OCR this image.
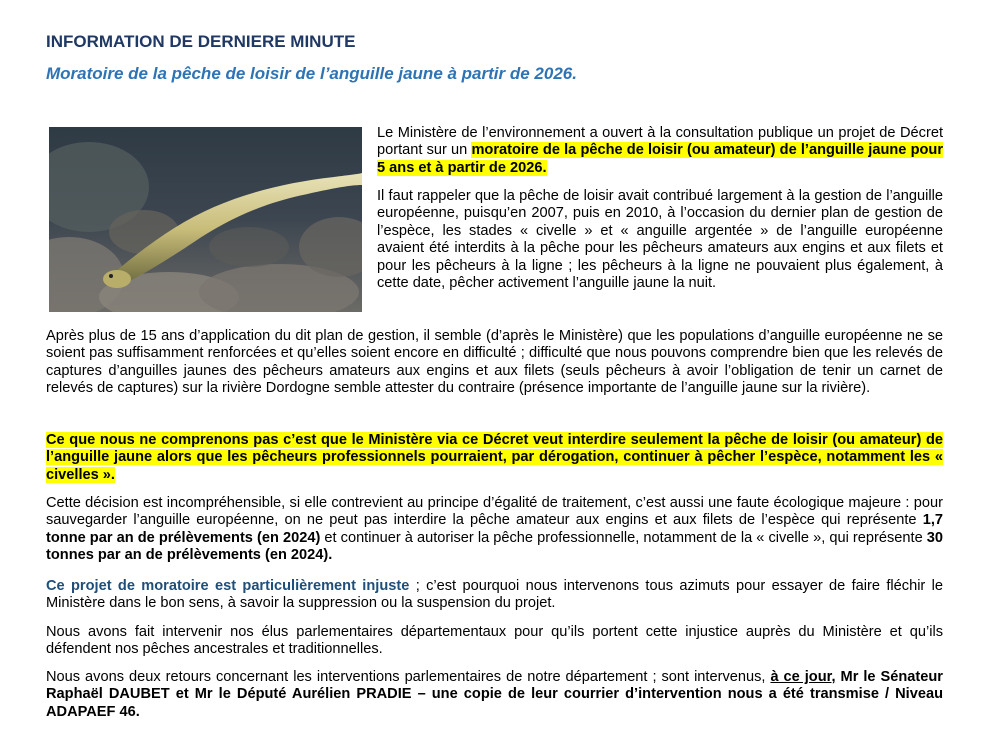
INFORMATION DE DERNIERE MINUTE
Moratoire de la pêche de loisir de l’anguille jaune à partir de 2026.

Le Ministère de l’environnement a ouvert à la consultation publique un projet de Décret portant sur un moratoire de la pêche de loisir (ou amateur) de l’anguille jaune pour 5 ans et à partir de 2026.

Il faut rappeler que la pêche de loisir avait contribué largement à la gestion de l’anguille européenne, puisqu’en 2007, puis en 2010, à l’occasion du dernier plan de gestion de l’espèce, les stades « civelle » et « anguille argentée » de l’anguille européenne avaient été interdits à la pêche pour les pêcheurs amateurs aux engins et aux filets et pour les pêcheurs à la ligne ; les pêcheurs à la ligne ne pouvaient plus également, à cette date, pêcher activement l’anguille jaune la nuit.

Après plus de 15 ans d’application du dit plan de gestion, il semble (d’après le Ministère) que les populations d’anguille européenne ne se soient pas suffisamment renforcées et qu’elles soient encore en difficulté ; difficulté que nous pouvons comprendre bien que les relevés de captures d’anguilles jaunes des pêcheurs amateurs aux engins et aux filets (seuls pêcheurs à avoir l’obligation de tenir un carnet de relevés de captures) sur la rivière Dordogne semble attester du contraire (présence importante de l’anguille jaune sur la rivière).

Ce que nous ne comprenons pas c’est que le Ministère via ce Décret veut interdire seulement la pêche de loisir (ou amateur) de l’anguille jaune alors que les pêcheurs professionnels pourraient, par dérogation, continuer à pêcher l’espèce, notamment les « civelles ».

Cette décision est incompréhensible, si elle contrevient au principe d’égalité de traitement, c’est aussi une faute écologique majeure : pour sauvegarder l’anguille européenne, on ne peut pas interdire la pêche amateur aux engins et aux filets de l’espèce qui représente 1,7 tonne par an de prélèvements (en 2024) et continuer à autoriser la pêche professionnelle, notamment de la « civelle », qui représente 30 tonnes par an de prélèvements (en 2024).

Ce projet de moratoire est particulièrement injuste ; c’est pourquoi nous intervenons tous azimuts pour essayer de faire fléchir le Ministère dans le bon sens, à savoir la suppression ou la suspension du projet.

Nous avons fait intervenir nos élus parlementaires départementaux pour qu’ils portent cette injustice auprès du Ministère et qu’ils défendent nos pêches ancestrales et traditionnelles.

Nous avons deux retours concernant les interventions parlementaires de notre département ; sont intervenus, à ce jour, Mr le Sénateur Raphaël DAUBET et Mr le Député Aurélien PRADIE – une copie de leur courrier d’intervention nous a été transmise / Niveau ADAPAEF 46.
